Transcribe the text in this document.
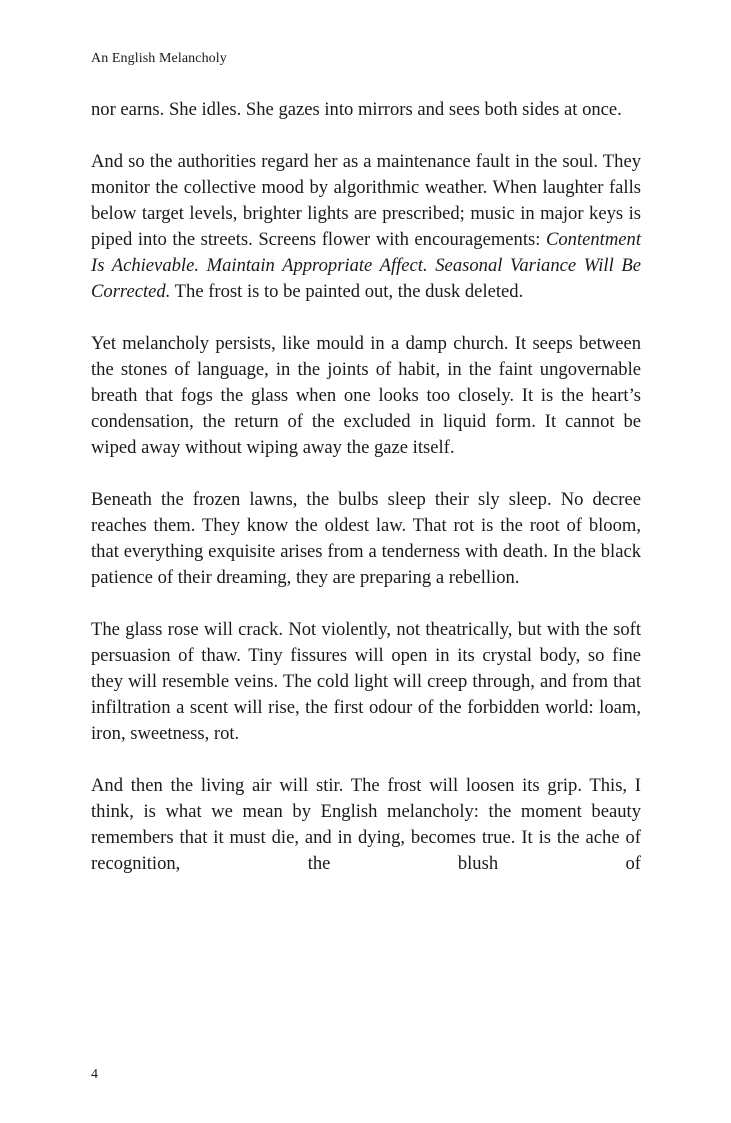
An English Melancholy

nor earns. She idles. She gazes into mirrors and sees both sides at once.

And so the authorities regard her as a maintenance fault in the soul. They monitor the collective mood by algorithmic weather. When laughter falls below target levels, brighter lights are prescribed; music in major keys is piped into the streets. Screens flower with encouragements: Contentment Is Achievable. Maintain Appropriate Affect. Seasonal Variance Will Be Corrected. The frost is to be painted out, the dusk deleted.

Yet melancholy persists, like mould in a damp church. It seeps between the stones of language, in the joints of habit, in the faint ungovernable breath that fogs the glass when one looks too closely. It is the heart’s condensation, the return of the excluded in liquid form. It cannot be wiped away without wiping away the gaze itself.

Beneath the frozen lawns, the bulbs sleep their sly sleep. No decree reaches them. They know the oldest law. That rot is the root of bloom, that everything exquisite arises from a tenderness with death. In the black patience of their dreaming, they are preparing a rebellion.

The glass rose will crack. Not violently, not theatrically, but with the soft persuasion of thaw. Tiny fissures will open in its crystal body, so fine they will resemble veins. The cold light will creep through, and from that infiltration a scent will rise, the first odour of the forbidden world: loam, iron, sweetness, rot.

And then the living air will stir. The frost will loosen its grip. This, I think, is what we mean by English melancholy: the moment beauty remembers that it must die, and in dying, becomes true. It is the ache of recognition, the blush of

4
